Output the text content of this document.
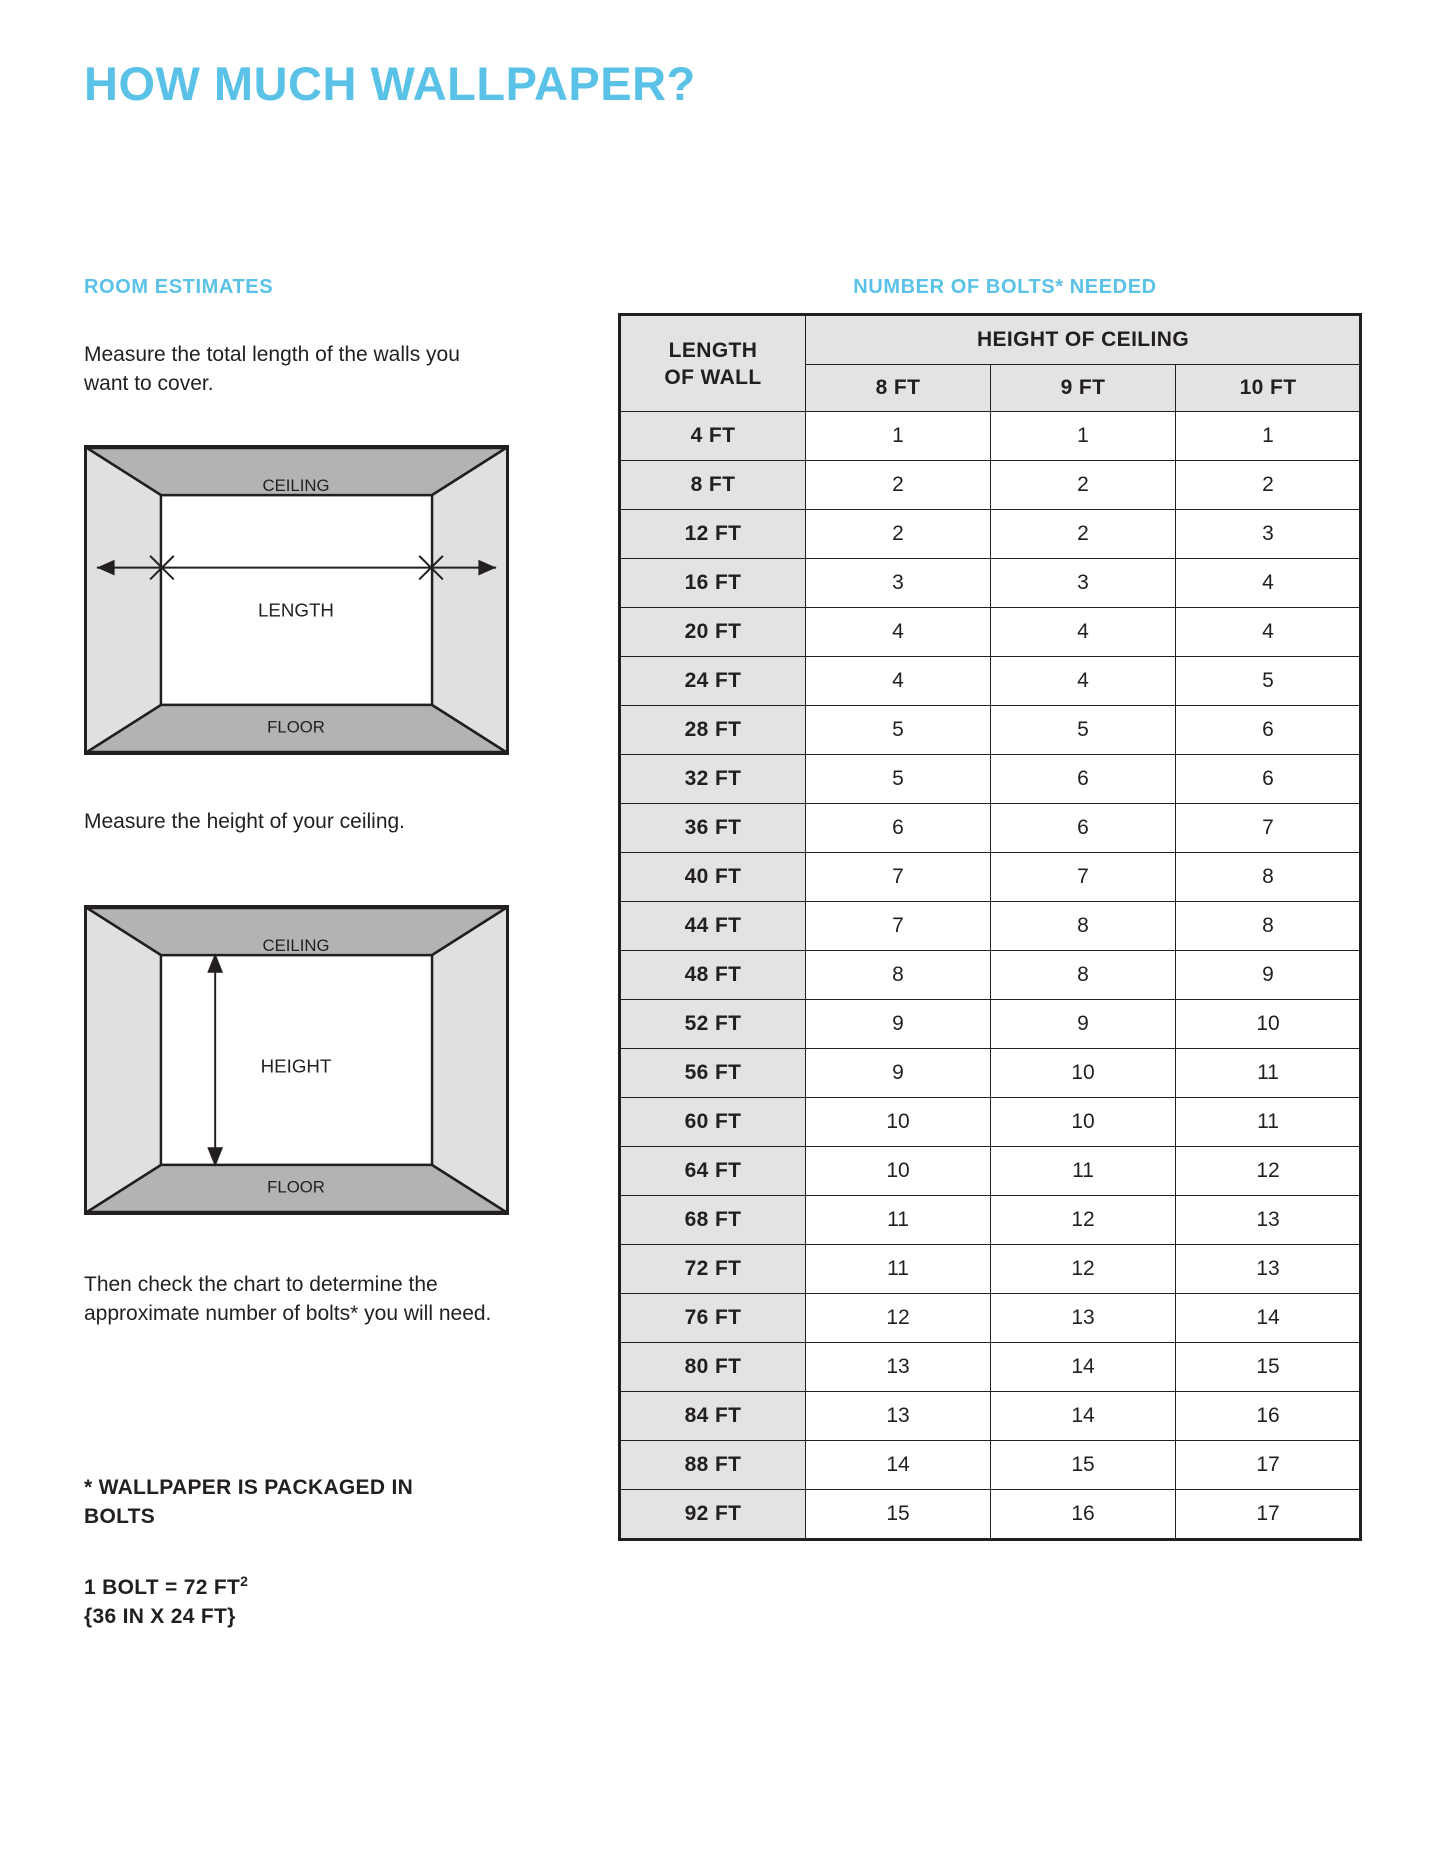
HOW MUCH WALLPAPER?
ROOM ESTIMATES	NUMBER OF BOLTS* NEEDED
Measure the total length of the walls you want to cover.
Measure the height of your ceiling.
Then check the chart to determine the approximate number of bolts* you will need.
* WALLPAPER IS PACKAGED IN BOLTS
1 BOLT = 72 $FT^2$
{36 IN X 24 FT}
CEILING
FLOOR
LENGTH
CEILING
FLOOR
HEIGHT
LENGTH
OF WALL	HEIGHT OF CEILING		
	8 FT	9 FT	10 FT
4 FT	1	1	1
8 FT	2	2	2
12 FT	2	2	3
16 FT	3	3	4
20 FT	4	4	4
24 FT	4	4	5
28 FT	5	5	6
32 FT	5	6	6
36 FT	6	6	7
40 FT	7	7	8
44 FT	7	8	8
48 FT	8	8	9
52 FT	9	9	10
56 FT	9	10	11
60 FT	10	10	11
64 FT	10	11	12
68 FT	11	12	13
72 FT	11	12	13
76 FT	12	13	14
80 FT	13	14	15
84 FT	13	14	16
88 FT	14	15	17
92 FT	15	16	17
